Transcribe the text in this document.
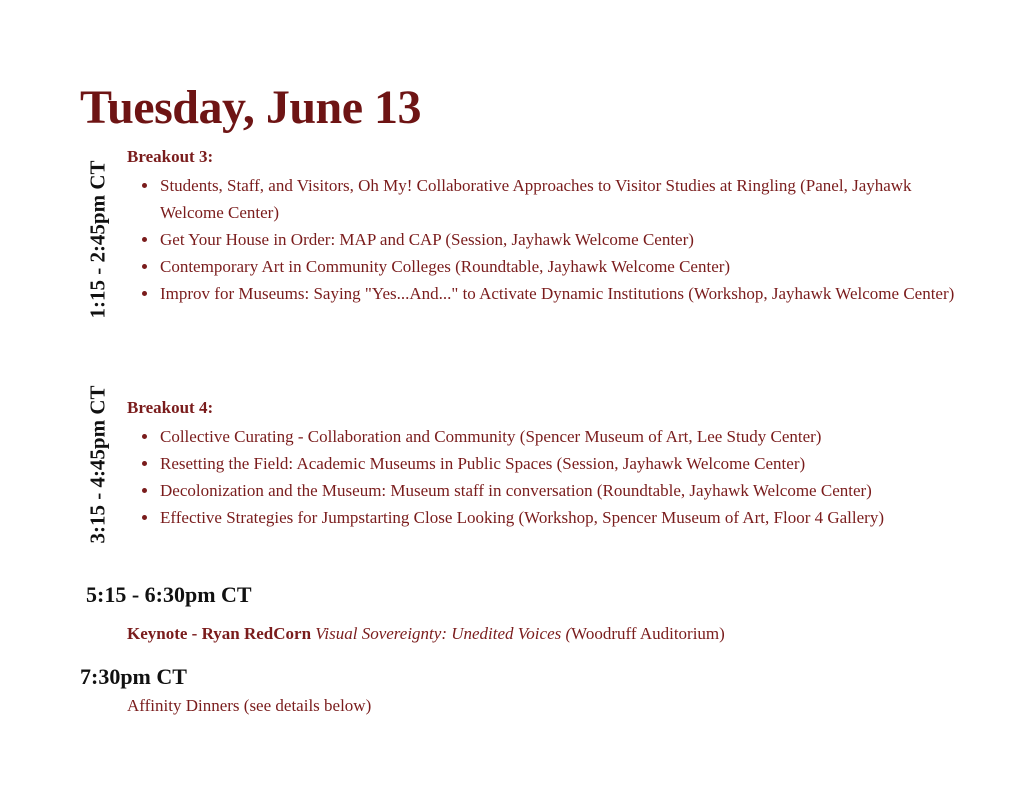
Tuesday, June 13
1:15 - 2:45pm CT
Breakout 3:
Students, Staff, and Visitors, Oh My! Collaborative Approaches to Visitor Studies at Ringling (Panel, Jayhawk Welcome Center)
Get Your House in Order: MAP and CAP (Session, Jayhawk Welcome Center)
Contemporary Art in Community Colleges (Roundtable, Jayhawk Welcome Center)
Improv for Museums: Saying "Yes...And..." to Activate Dynamic Institutions (Workshop, Jayhawk Welcome Center)
3:15 - 4:45pm CT Breakout 4:
Collective Curating - Collaboration and Community (Spencer Museum of Art, Lee Study Center)
Resetting the Field: Academic Museums in Public Spaces (Session, Jayhawk Welcome Center)
Decolonization and the Museum: Museum staff in conversation (Roundtable, Jayhawk Welcome Center)
Effective Strategies for Jumpstarting Close Looking (Workshop, Spencer Museum of Art, Floor 4 Gallery)
5:15 - 6:30pm CT
Keynote - Ryan RedCorn Visual Sovereignty: Unedited Voices (Woodruff Auditorium)
7:30pm CT
Affinity Dinners (see details below)
